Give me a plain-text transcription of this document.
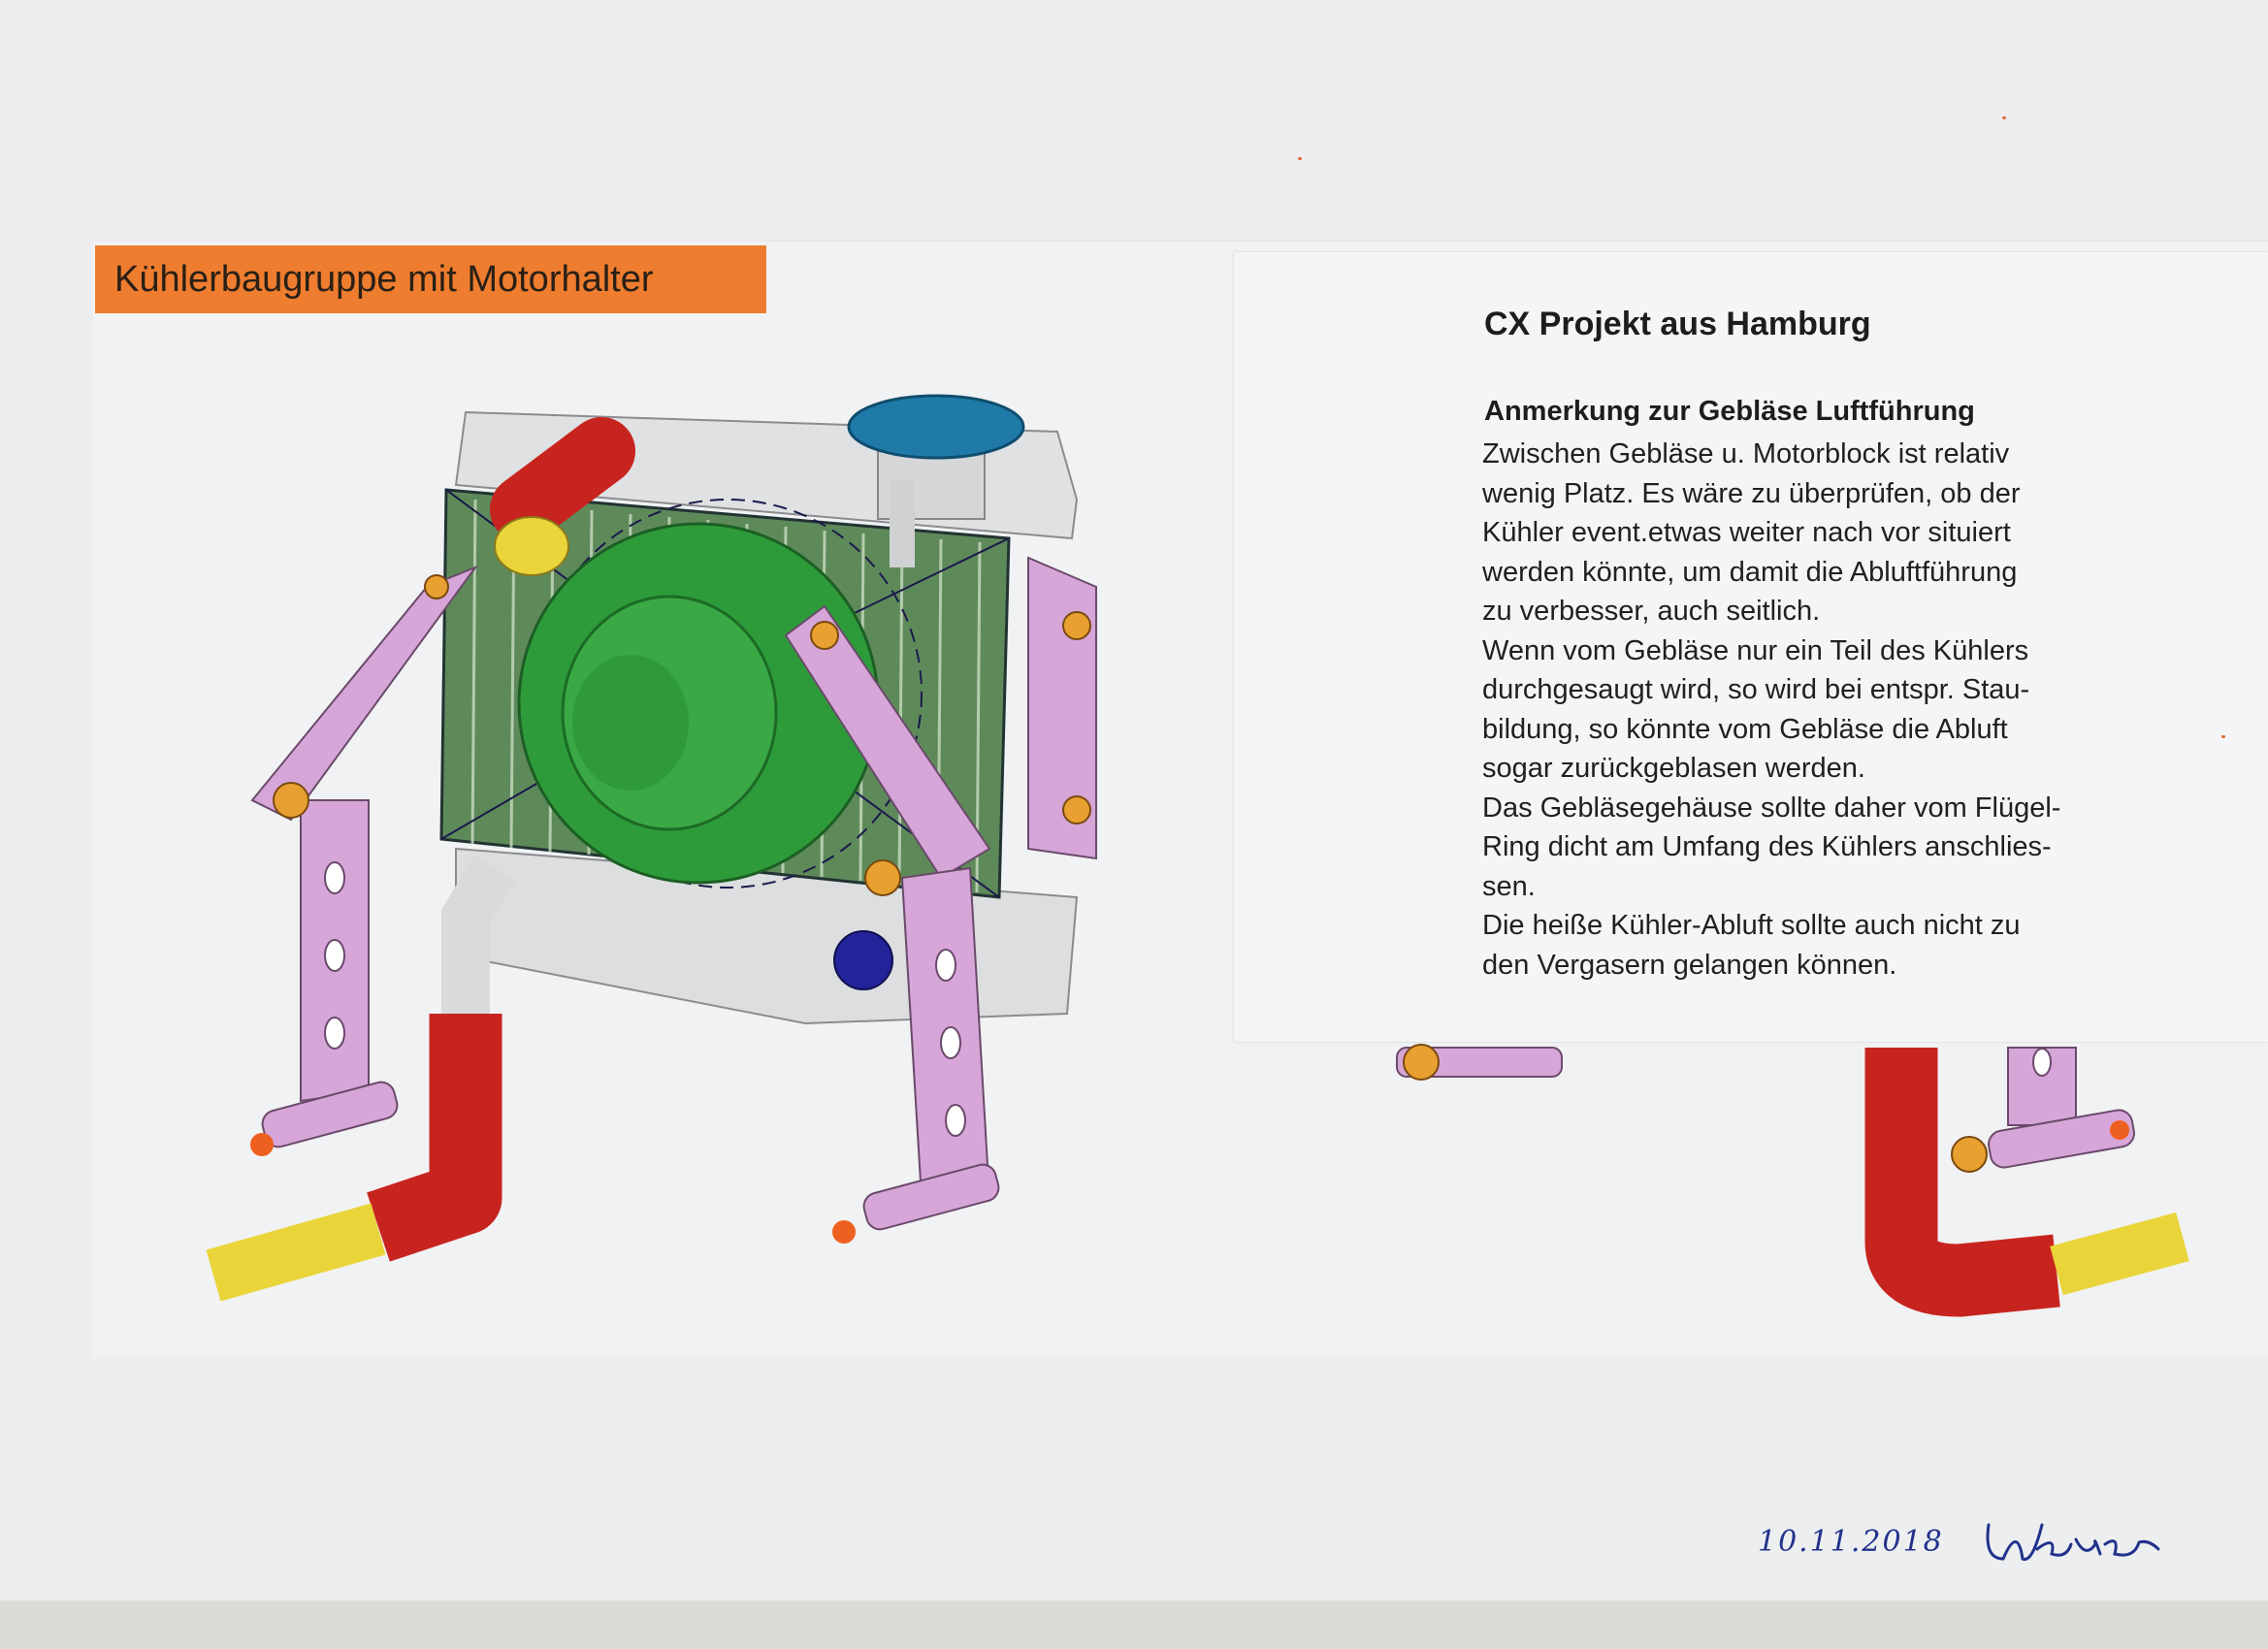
Kühlerbaugruppe mit Motorhalter
CX Projekt aus Hamburg
Anmerkung zur Gebläse Luftführung

Zwischen Gebläse u. Motorblock ist relativ

wenig Platz. Es wäre zu überprüfen, ob der

Kühler event.etwas weiter nach vor situiert

werden könnte, um damit die Abluftführung

zu verbesser, auch seitlich.

Wenn vom Gebläse nur ein Teil des Kühlers

durchgesaugt wird, so wird bei entspr. Stau-

bildung, so könnte vom Gebläse die Abluft

sogar zurückgeblasen werden.

Das Gebläsegehäuse sollte daher vom Flügel-

Ring dicht am Umfang des Kühlers anschlies-

sen.

Die heiße Kühler-Abluft sollte auch nicht zu

den Vergasern gelangen können.

10.11.2018
